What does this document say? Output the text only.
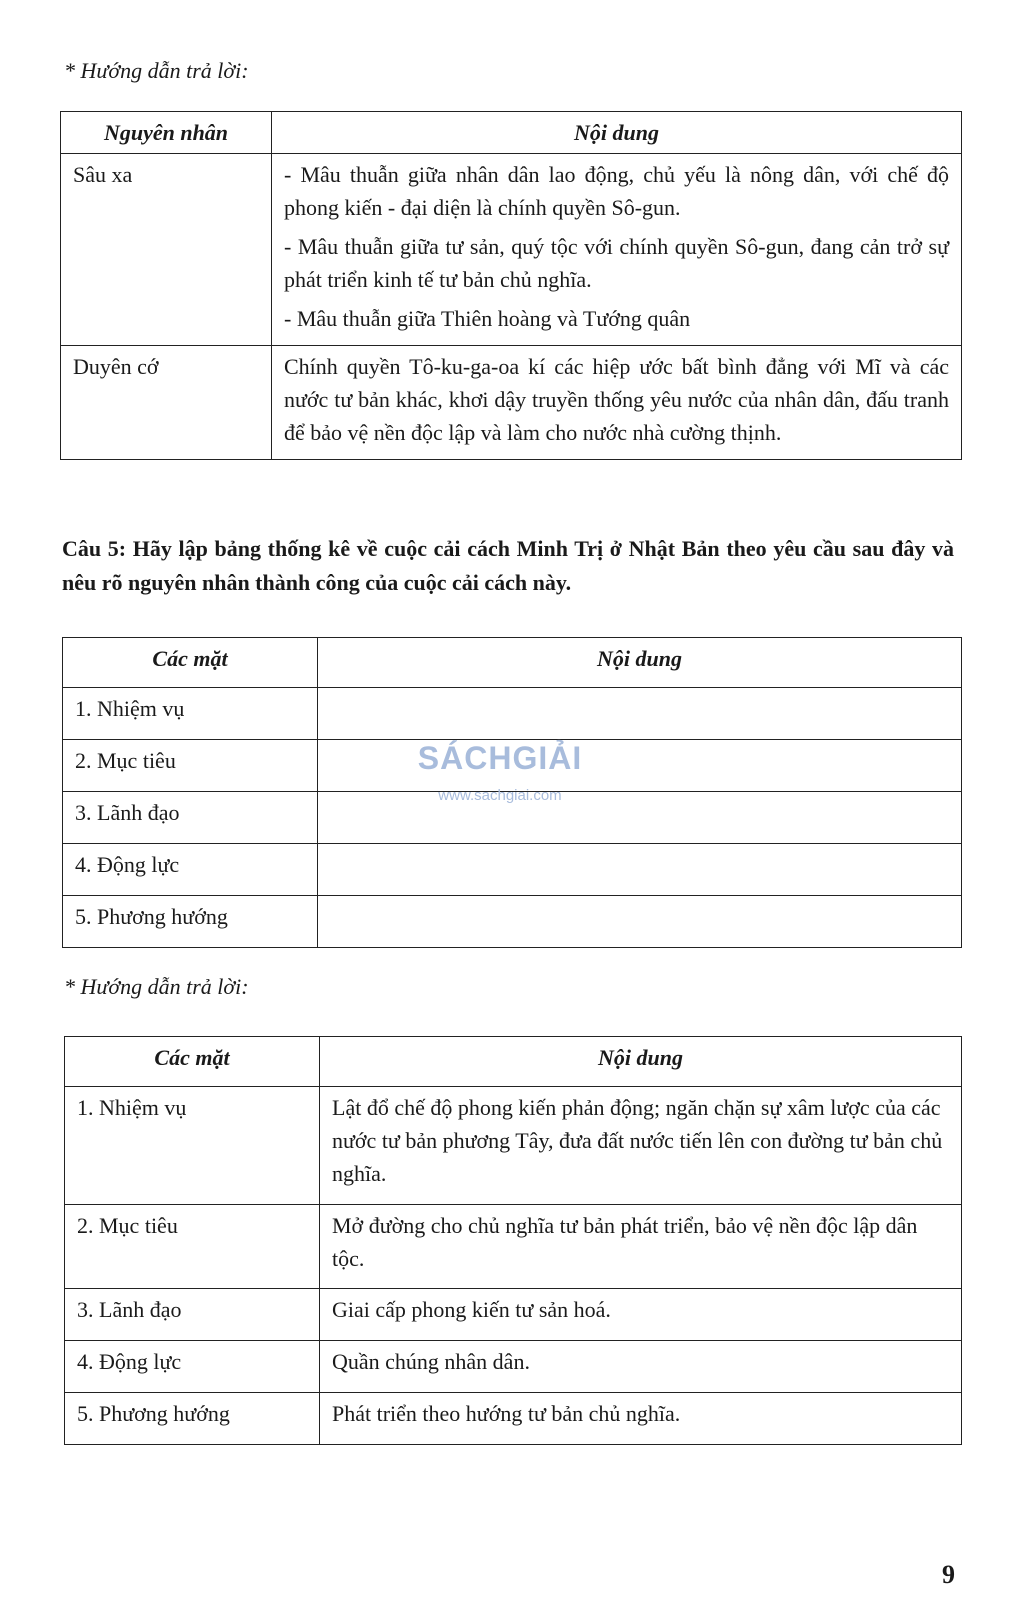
* Hướng dẫn trả lời:
Nguyên nhân	Nội dung
Sâu xa	- Mâu thuẫn giữa nhân dân lao động, chủ yếu là nông dân, với chế độ phong kiến - đại diện là chính quyền Sô-gun.

- Mâu thuẫn giữa tư sản, quý tộc với chính quyền Sô-gun, đang cản trở sự phát triển kinh tế tư bản chủ nghĩa.

- Mâu thuẫn giữa Thiên hoàng và Tướng quân

Duyên cớ	Chính quyền Tô-ku-ga-oa kí các hiệp ước bất bình đẳng với Mĩ và các nước tư bản khác, khơi dậy truyền thống yêu nước của nhân dân, đấu tranh để bảo vệ nền độc lập và làm cho nước nhà cường thịnh.

Câu 5: Hãy lập bảng thống kê về cuộc cải cách Minh Trị ở Nhật Bản theo yêu cầu sau đây và nêu rõ nguyên nhân thành công của cuộc cải cách này.

Các mặt	Nội dung
1. Nhiệm vụ	
2. Mục tiêu	
3. Lãnh đạo	
4. Động lực	
5. Phương hướng	
SÁCHGIẢI
www.sachgiai.com
* Hướng dẫn trả lời:
Các mặt	Nội dung
1. Nhiệm vụ	Lật đổ chế độ phong kiến phản động; ngăn chặn sự xâm lược của các nước tư bản phương Tây, đưa đất nước tiến lên con đường tư bản chủ nghĩa.
2. Mục tiêu	Mở đường cho chủ nghĩa tư bản phát triển, bảo vệ nền độc lập dân tộc.
3. Lãnh đạo	Giai cấp phong kiến tư sản hoá.
4. Động lực	Quần chúng nhân dân.
5. Phương hướng	Phát triển theo hướng tư bản chủ nghĩa.
9
